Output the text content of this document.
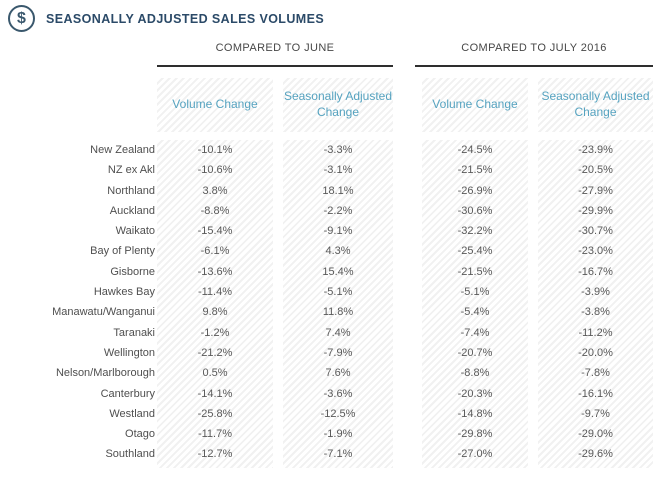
$ SEASONALLY ADJUSTED SALES VOLUMES
COMPARED TO JUNE	COMPARED TO JULY 2016
Volume Change
Seasonally Adjusted Change
Volume Change
Seasonally Adjusted Change
New Zealand	-10.1%	-3.3%	-24.5%	-23.9%
NZ ex Akl	-10.6%	-3.1%	-21.5%	-20.5%
Northland	3.8%	18.1%	-26.9%	-27.9%
Auckland	-8.8%	-2.2%	-30.6%	-29.9%
Waikato	-15.4%	-9.1%	-32.2%	-30.7%
Bay of Plenty	-6.1%	4.3%	-25.4%	-23.0%
Gisborne	-13.6%	15.4%	-21.5%	-16.7%
Hawkes Bay	-11.4%	-5.1%	-5.1%	-3.9%
Manawatu/Wanganui	9.8%	11.8%	-5.4%	-3.8%
Taranaki	-1.2%	7.4%	-7.4%	-11.2%
Wellington	-21.2%	-7.9%	-20.7%	-20.0%
Nelson/Marlborough	0.5%	7.6%	-8.8%	-7.8%
Canterbury	-14.1%	-3.6%	-20.3%	-16.1%
Westland	-25.8%	-12.5%	-14.8%	-9.7%
Otago	-11.7%	-1.9%	-29.8%	-29.0%
Southland	-12.7%	-7.1%	-27.0%	-29.6%
